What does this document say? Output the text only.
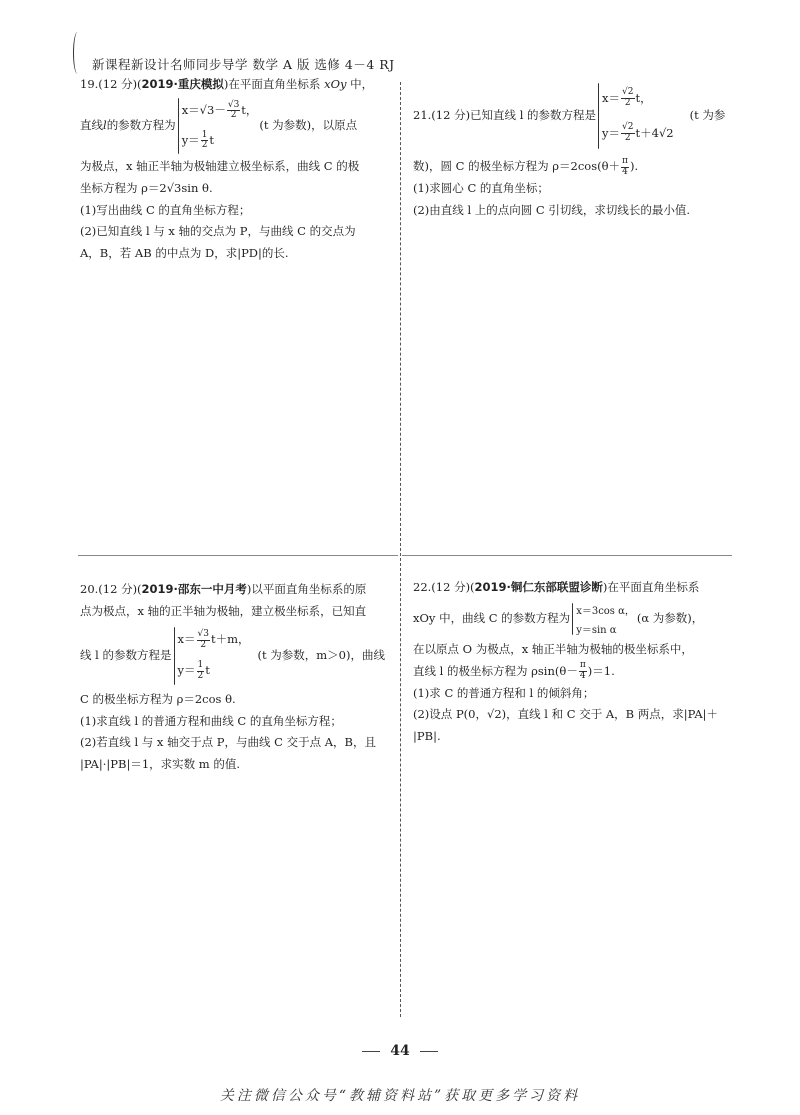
新课程新设计名师同步导学 数学 A 版 选修 4－4 RJ

19.(12 分)(2019·重庆模拟)在平面直角坐标系 xOy 中，

直线 l 的参数方程为
$x=√3- \frac{√3}{2}$ t，
$y= \frac{1}{2}$ t
(t 为参数)，以原点

为极点，x 轴正半轴为极轴建立极坐标系，曲线 C 的极

坐标方程为 ρ＝2√3sin θ.

(1)写出曲线 C 的直角坐标方程；

(2)已知直线 l 与 x 轴的交点为 P，与曲线 C 的交点为

A，B，若 AB 的中点为 D，求|PD|的长.

21.(12 分)已知直线 l 的参数方程是
$x= \frac{√2}{2}$ t，
$y= \frac{√2}{2} t+4√2$
(t 为参

数)，圆 C 的极坐标方程为 $\rho=2\cos(\theta+ \frac{\pi}{4}$ ).

(1)求圆心 C 的直角坐标；

(2)由直线 l 上的点向圆 C 引切线，求切线长的最小值.

20.(12 分)(2019·邵东一中月考)以平面直角坐标系的原

点为极点，x 轴的正半轴为极轴，建立极坐标系，已知直

线 l 的参数方程是
$x= \frac{√3}{2} t+m$，
$y= \frac{1}{2}$ t
(t 为参数，m＞0)，曲线

C 的极坐标方程为 ρ＝2cos θ.

(1)求直线 l 的普通方程和曲线 C 的直角坐标方程；

(2)若直线 l 与 x 轴交于点 P，与曲线 C 交于点 A，B，且

|PA|·|PB|＝1，求实数 m 的值.

22.(12 分)(2019·铜仁东部联盟诊断)在平面直角坐标系

xOy 中，曲线 C 的参数方程为 x＝3cos α，
y＝sin α
(α 为参数)，

在以原点 O 为极点，x 轴正半轴为极轴的极坐标系中，

直线 l 的极坐标方程为 $\rho\sin(\theta- \frac{\pi}{4} )=1$.

(1)求 C 的普通方程和 l 的倾斜角；

(2)设点 P(0，√2)，直线 l 和 C 交于 A，B 两点，求|PA|＋

|PB|.

44
关注微信公众号“教辅资料站”获取更多学习资料
